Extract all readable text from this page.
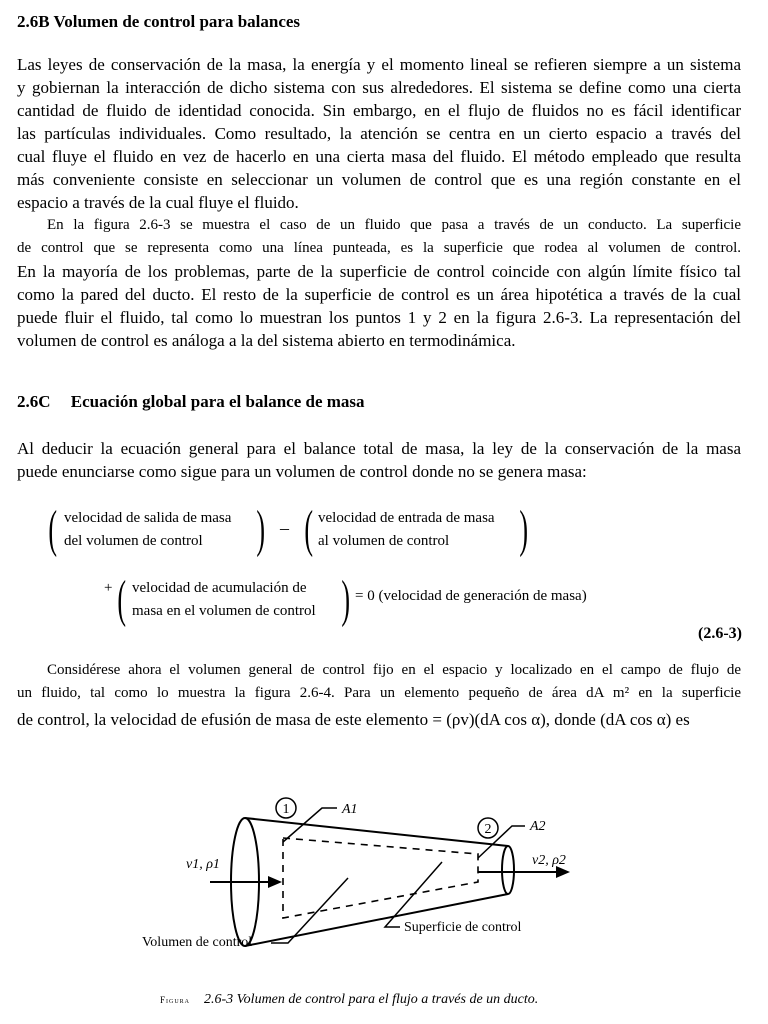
2.6B Volumen de control para balances

Las leyes de conservación de la masa, la energía y el momento lineal se refieren siempre a un sistema

y gobiernan la interacción de dicho sistema con sus alrededores. El sistema se define como una cierta

cantidad de fluido de identidad conocida. Sin embargo, en el flujo de fluidos no es fácil identificar

las partículas individuales. Como resultado, la atención se centra en un cierto espacio a través del

cual fluye el fluido en vez de hacerlo en una cierta masa del fluido. El método empleado que resulta

más conveniente consiste en seleccionar un volumen de control que es una región constante en el

espacio a través de la cual fluye el fluido.

En la figura 2.6-3 se muestra el caso de un fluido que pasa a través de un conducto. La superficie

de control que se representa como una línea punteada, es la superficie que rodea al volumen de control.

En la mayoría de los problemas, parte de la superficie de control coincide con algún límite físico tal

como la pared del ducto. El resto de la superficie de control es un área hipotética a través de la cual

puede fluir el fluido, tal como lo muestran los puntos 1 y 2 en la figura 2.6-3. La representación del

volumen de control es análoga a la del sistema abierto en termodinámica.

2.6C Ecuación global para el balance de masa

Al deducir la ecuación general para el balance total de masa, la ley de la conservación de la masa

puede enunciarse como sigue para un volumen de control donde no se genera masa:

( velocidad de salida de masa
del volumen de control ) – ( velocidad de entrada de masa
al volumen de control )
+ ( velocidad de acumulación de
masa en el volumen de control ) = 0 (velocidad de generación de masa)
(2.6-3)

Considérese ahora el volumen general de control fijo en el espacio y localizado en el campo de flujo de

un fluido, tal como lo muestra la figura 2.6-4. Para un elemento pequeño de área dA m² en la superficie

de control, la velocidad de efusión de masa de este elemento = (ρv)(dA cos α), donde (dA cos α) es

1
2
A1
A2
v1, ρ1	v2, ρ2
Volumen de control
Superficie de control
Figura 2.6-3 Volumen de control para el flujo a través de un ducto.
